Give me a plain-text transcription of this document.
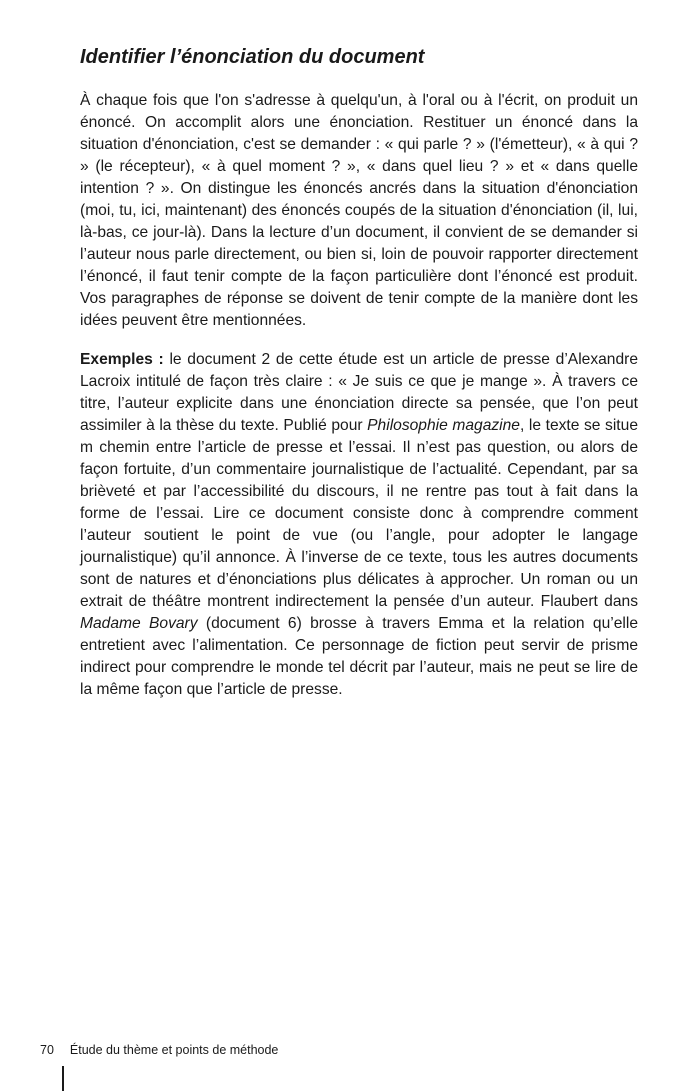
Identifier l’énonciation du document

À chaque fois que l'on s'adresse à quelqu'un, à l'oral ou à l'écrit, on produit un énoncé. On accomplit alors une énonciation. Restituer un énoncé dans la situation d'énonciation, c'est se demander : « qui parle ? » (l'émetteur), « à qui ? » (le récepteur), « à quel moment ? », « dans quel lieu ? » et « dans quelle intention ? ». On distingue les énoncés ancrés dans la situation d'énonciation (moi, tu, ici, maintenant) des énoncés coupés de la situation d'énonciation (il, lui, là-bas, ce jour-là). Dans la lecture d’un document, il convient de se demander si l’auteur nous parle directement, ou bien si, loin de pouvoir rapporter directement l’énoncé, il faut tenir compte de la façon particulière dont l’énoncé est produit. Vos paragraphes de réponse se doivent de tenir compte de la manière dont les idées peuvent être mentionnées.

Exemples : le document 2 de cette étude est un article de presse d’Alexandre Lacroix intitulé de façon très claire : « Je suis ce que je mange ». À travers ce titre, l’auteur explicite dans une énonciation directe sa pensée, que l’on peut assimiler à la thèse du texte. Publié pour Philosophie magazine, le texte se situe m chemin entre l’article de presse et l’essai. Il n’est pas question, ou alors de façon fortuite, d’un commentaire journalistique de l’actualité. Cependant, par sa brièveté et par l’accessibilité du discours, il ne rentre pas tout à fait dans la forme de l’essai. Lire ce document consiste donc à comprendre comment l’auteur soutient le point de vue (ou l’angle, pour adopter le langage journalistique) qu’il annonce. À l’inverse de ce texte, tous les autres documents sont de natures et d’énonciations plus délicates à approcher. Un roman ou un extrait de théâtre montrent indirectement la pensée d’un auteur. Flaubert dans Madame Bovary (document 6) brosse à travers Emma et la relation qu’elle entretient avec l’alimentation. Ce personnage de fiction peut servir de prisme indirect pour comprendre le monde tel décrit par l’auteur, mais ne peut se lire de la même façon que l’article de presse.

70 Étude du thème et points de méthode
